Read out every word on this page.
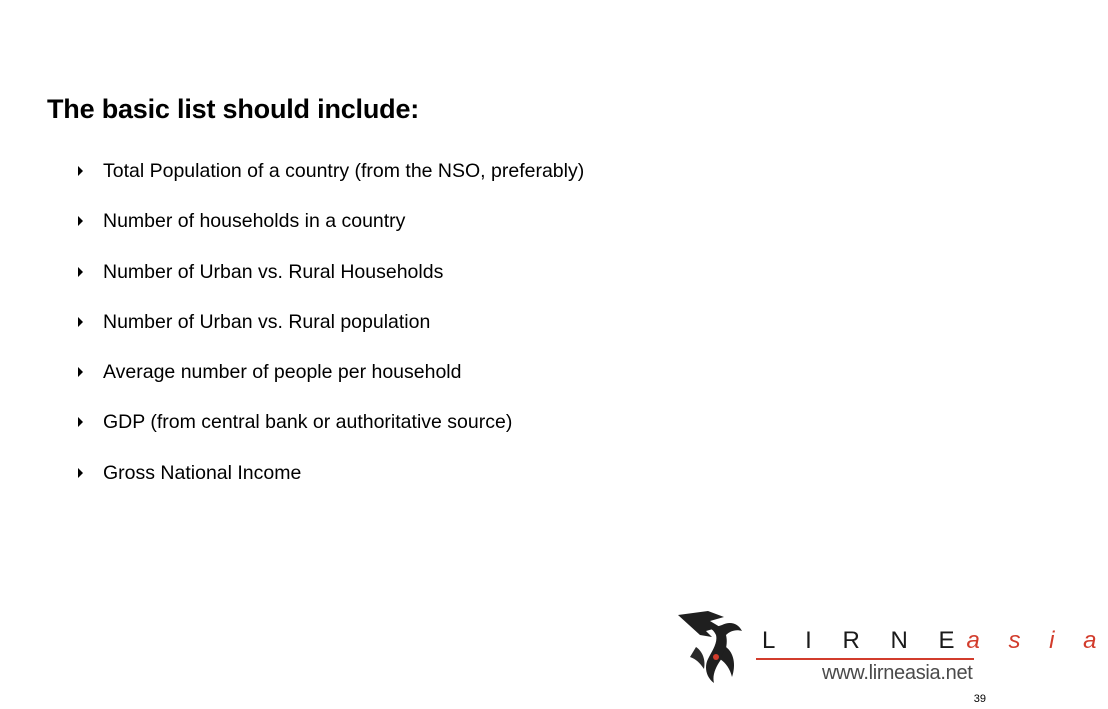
The basic list should include:
Total Population of a country (from the NSO, preferably)
Number of households in a country
Number of Urban vs. Rural Households
Number of Urban vs. Rural population
Average number of people per household
GDP (from central bank or authoritative source)
Gross National Income
L I R N Ea s i a
www.lirneasia.net
39
